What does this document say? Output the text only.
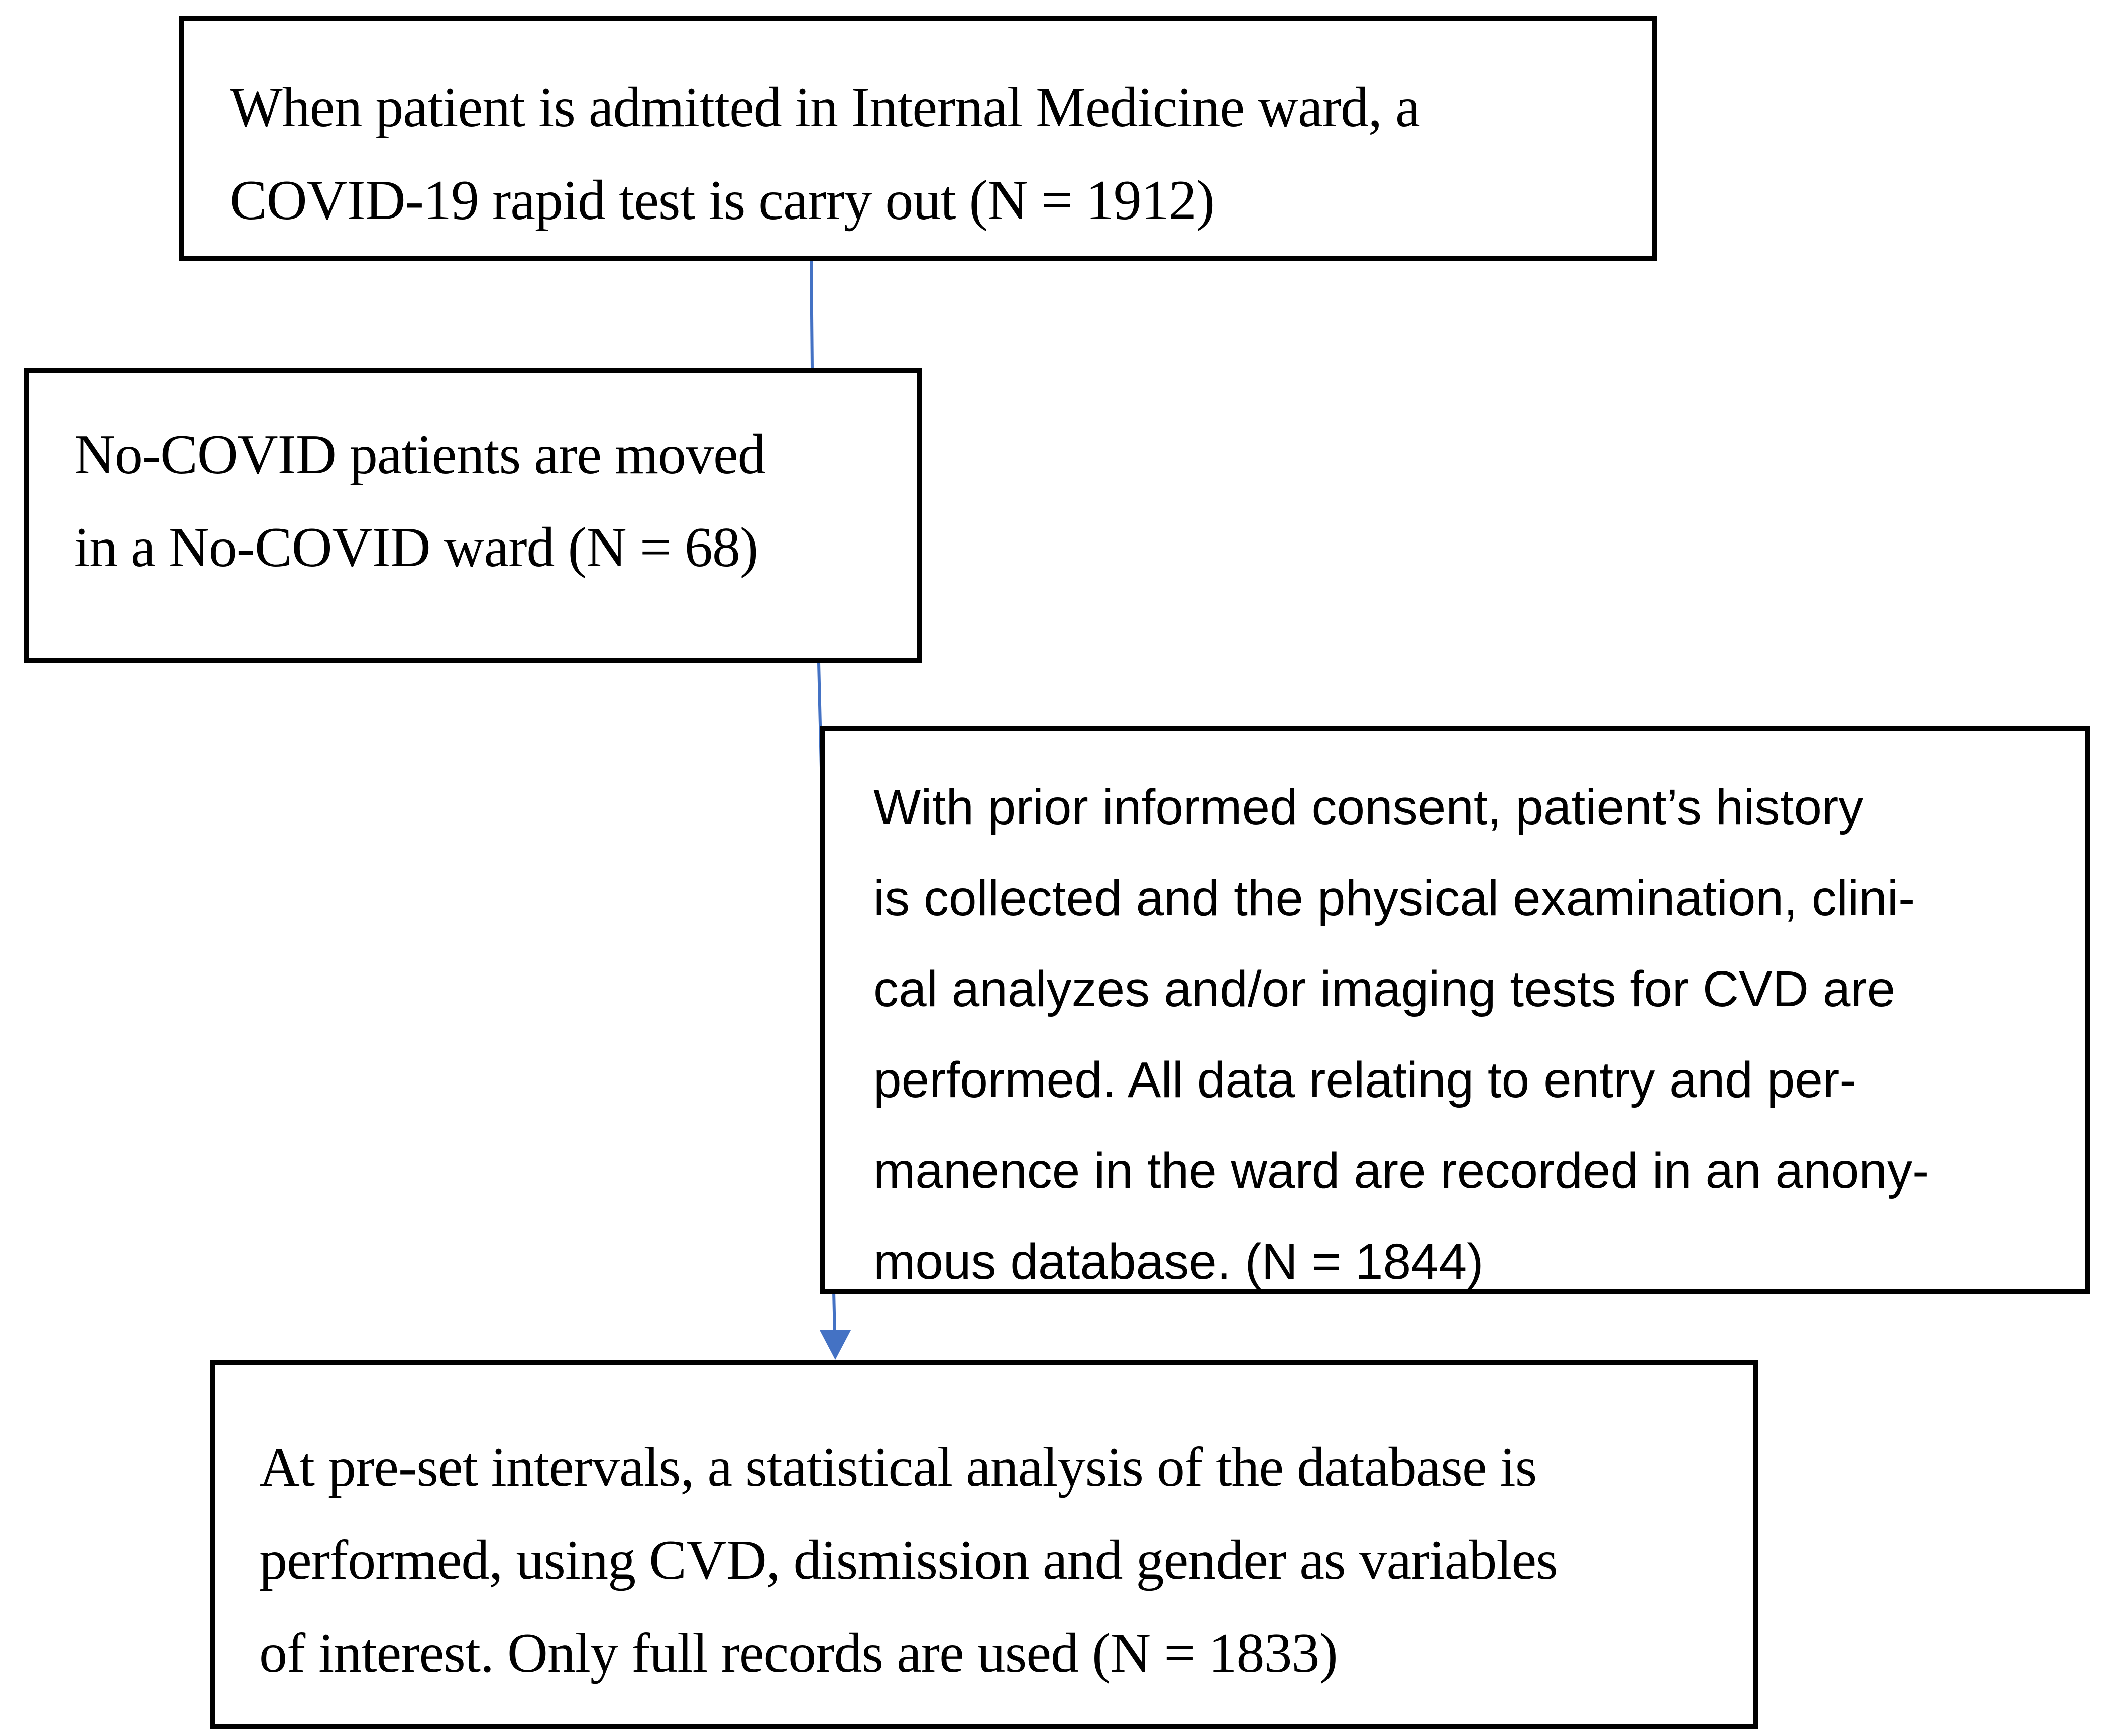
When patient is admitted in Internal Medicine ward, a
COVID-19 rapid test is carry out (N = 1912)

No-COVID patients are moved
in a No-COVID ward (N = 68)

With prior informed consent, patient’s history
is collected and the physical examination, clini-
cal analyzes and/or imaging tests for CVD are
performed. All data relating to entry and per-
manence in the ward are recorded in an anony-
mous database. (N = 1844)

At pre-set intervals, a statistical analysis of the database is
performed, using CVD, dismission and gender as variables
of interest. Only full records are used (N = 1833)
